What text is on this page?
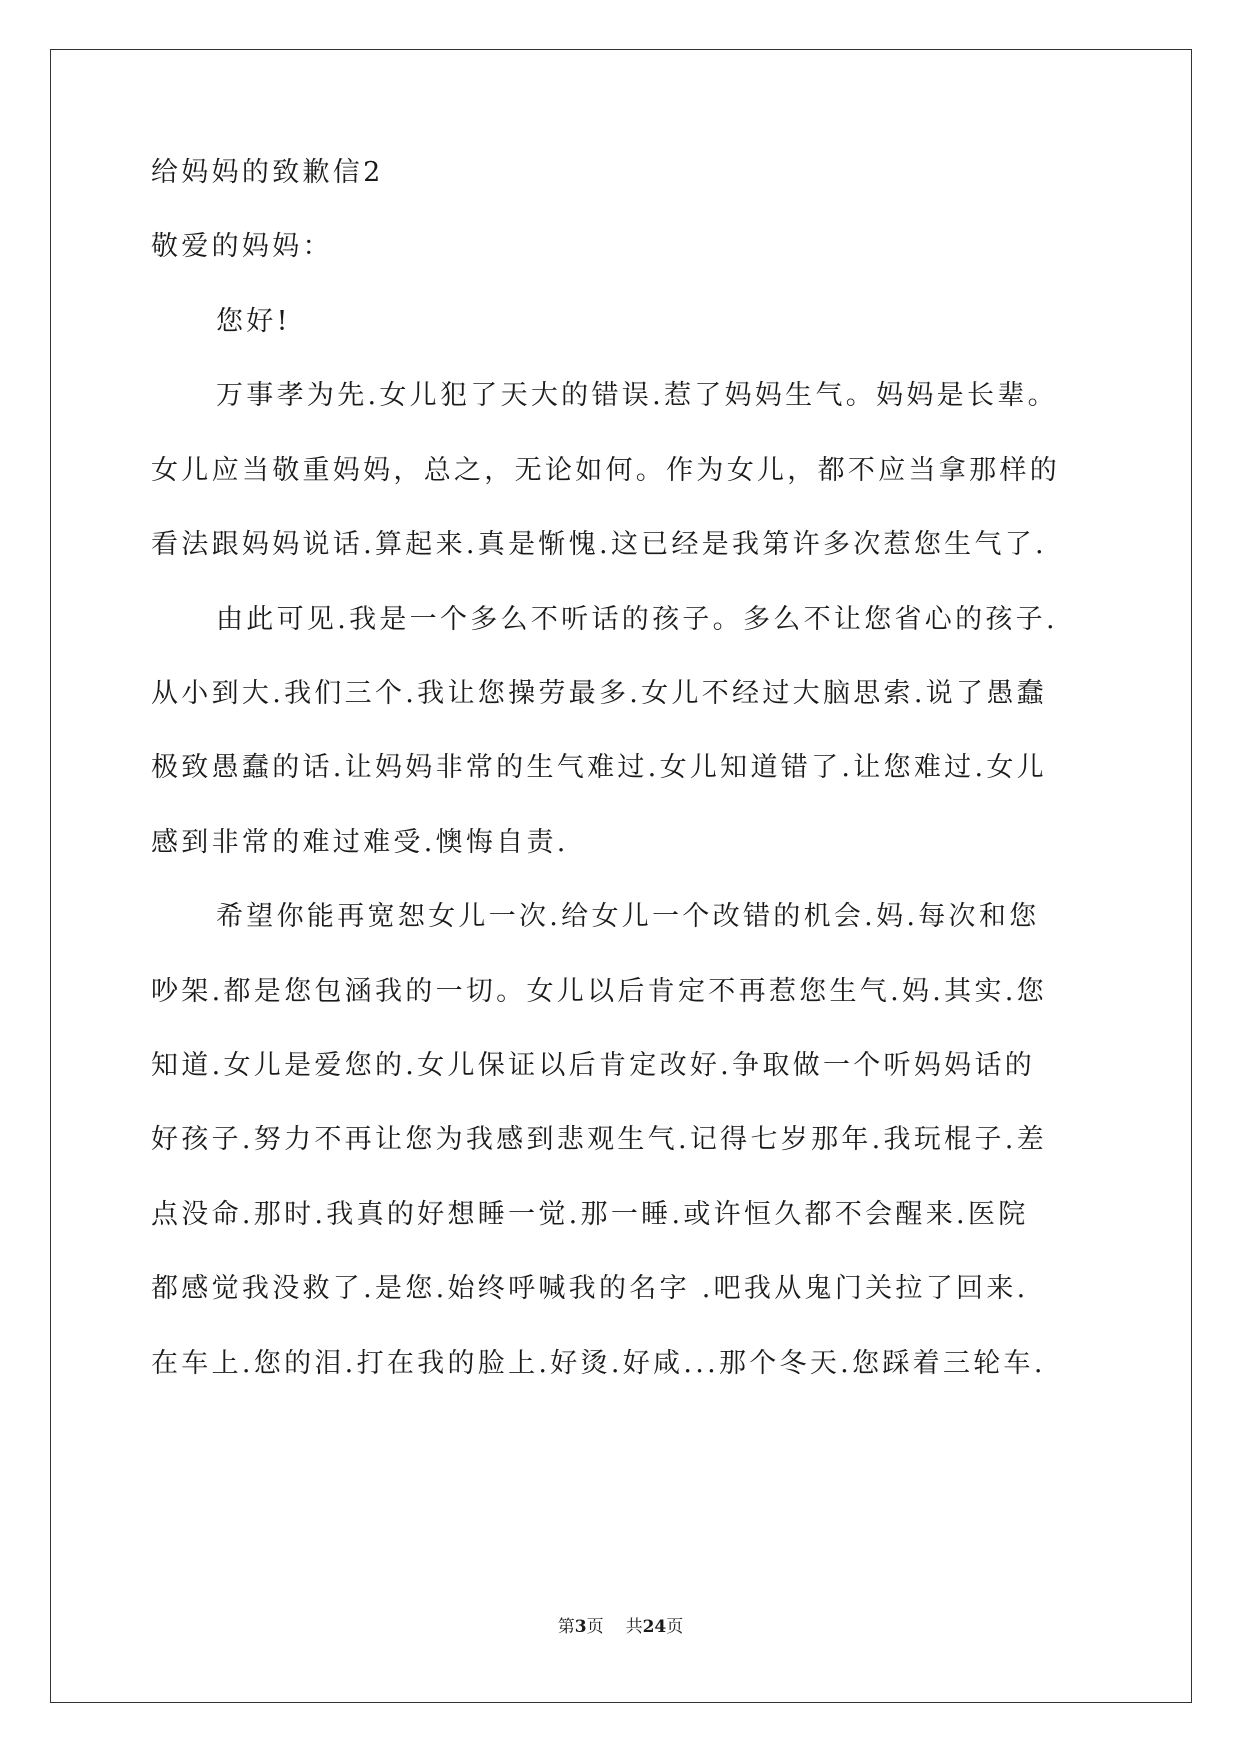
给妈妈的致歉信2
敬爱的妈妈：
您好!
万事孝为先.女儿犯了天大的错误.惹了妈妈生气。妈妈是长辈。
女儿应当敬重妈妈，总之，无论如何。作为女儿，都不应当拿那样的
看法跟妈妈说话.算起来.真是惭愧.这已经是我第许多次惹您生气了.
由此可见.我是一个多么不听话的孩子。多么不让您省心的孩子.
从小到大.我们三个.我让您操劳最多.女儿不经过大脑思索.说了愚蠢
极致愚蠢的话.让妈妈非常的生气难过.女儿知道错了.让您难过.女儿
感到非常的难过难受.懊悔自责.
希望你能再宽恕女儿一次.给女儿一个改错的机会.妈.每次和您
吵架.都是您包涵我的一切。女儿以后肯定不再惹您生气.妈.其实.您
知道.女儿是爱您的.女儿保证以后肯定改好.争取做一个听妈妈话的
好孩子.努力不再让您为我感到悲观生气.记得七岁那年.我玩棍子.差
点没命.那时.我真的好想睡一觉.那一睡.或许恒久都不会醒来.医院
都感觉我没救了.是您.始终呼喊我的名字 .吧我从鬼门关拉了回来.
在车上.您的泪.打在我的脸上.好烫.好咸...那个冬天.您踩着三轮车.
第3页 共24页
